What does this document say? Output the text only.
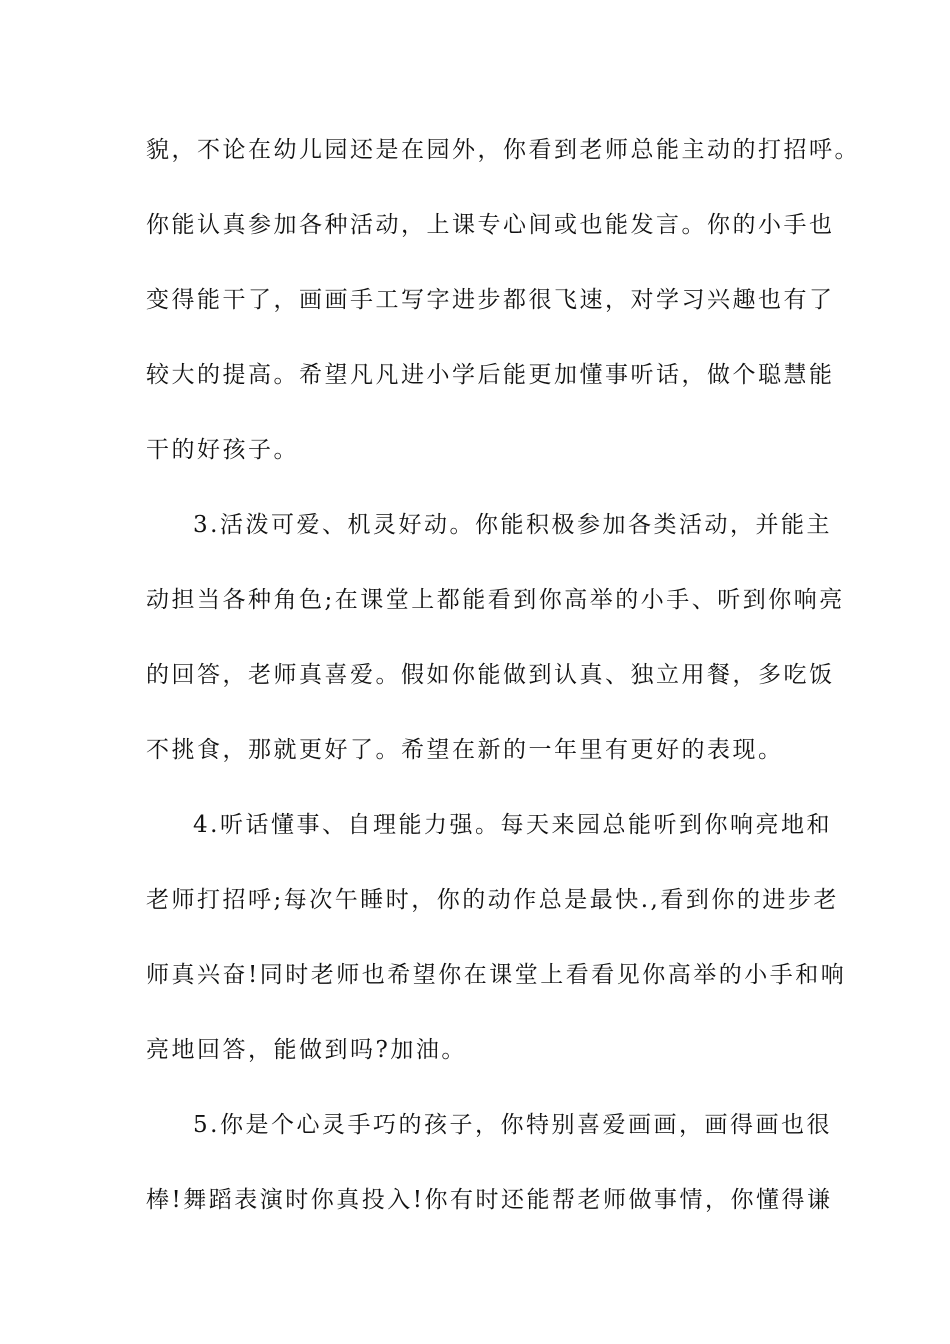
貌，不论在幼儿园还是在园外，你看到老师总能主动的打招呼。
你能认真参加各种活动，上课专心间或也能发言。你的小手也
变得能干了，画画手工写字进步都很飞速，对学习兴趣也有了
较大的提高。希望凡凡进小学后能更加懂事听话，做个聪慧能
干的好孩子。
3.活泼可爱、机灵好动。你能积极参加各类活动，并能主
动担当各种角色;在课堂上都能看到你高举的小手、听到你响亮
的回答，老师真喜爱。假如你能做到认真、独立用餐，多吃饭
不挑食，那就更好了。希望在新的一年里有更好的表现。
4.听话懂事、自理能力强。每天来园总能听到你响亮地和
老师打招呼;每次午睡时，你的动作总是最快.,看到你的进步老
师真兴奋!同时老师也希望你在课堂上看看见你高举的小手和响
亮地回答，能做到吗?加油。
5.你是个心灵手巧的孩子，你特别喜爱画画，画得画也很
棒!舞蹈表演时你真投入!你有时还能帮老师做事情，你懂得谦
